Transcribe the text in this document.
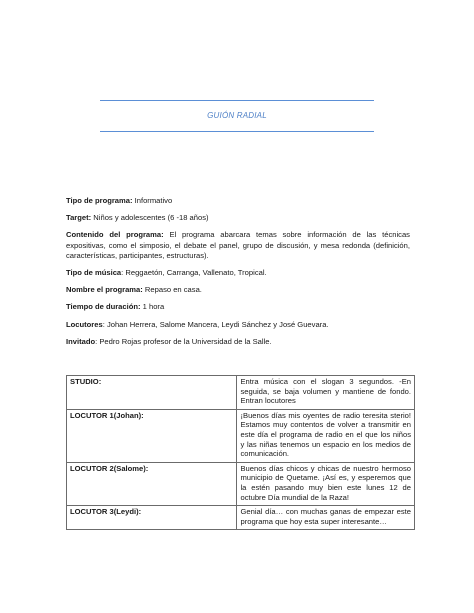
GUIÓN RADIAL
Tipo de programa: Informativo
Target: Niños y adolescentes (6 -18 años)
Contenido del programa: El programa abarcara temas sobre información de las técnicas expositivas, como el simposio, el debate el panel, grupo de discusión, y mesa redonda (definición, características, participantes, estructuras).
Tipo de música: Reggaetón, Carranga, Vallenato, Tropical.
Nombre el programa: Repaso en casa.
Tiempo de duración: 1 hora
Locutores: Johan Herrera, Salome Mancera, Leydi Sánchez y José Guevara.
Invitado: Pedro Rojas profesor de la Universidad de la Salle.
STUDIO:	Entra música con el slogan 3 segundos. -En seguida, se baja volumen y mantiene de fondo. Entran locutores
LOCUTOR 1(Johan):	¡Buenos días mis oyentes de radio teresita sterio! Estamos muy contentos de volver a transmitir en este día el programa de radio en el que los niños y las niñas tenemos un espacio en los medios de comunicación.
LOCUTOR 2(Salome):	Buenos días chicos y chicas de nuestro hermoso municipio de Quetame. ¡Así es, y esperemos que la estén pasando muy bien este lunes 12 de octubre Día mundial de la Raza!
LOCUTOR 3(Leydi):	Genial día… con muchas ganas de empezar este programa que hoy esta super interesante…
